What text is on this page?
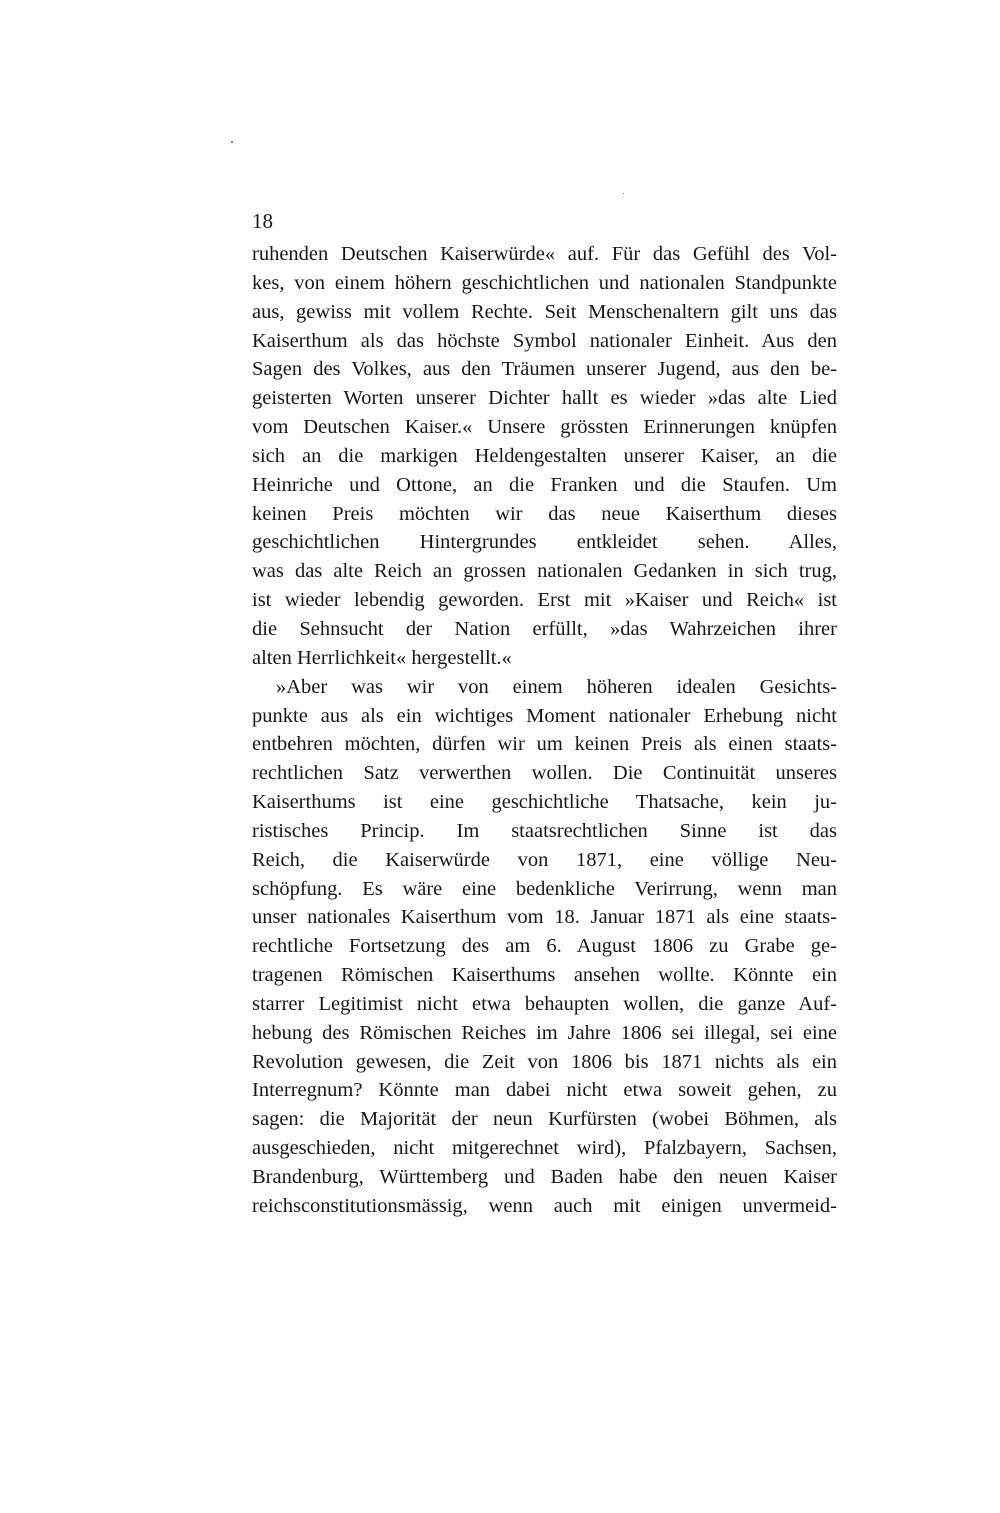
18
ruhenden Deutschen Kaiserwürde« auf. Für das Gefühl des Vol-
kes, von einem höhern geschichtlichen und nationalen Standpunkte
aus, gewiss mit vollem Rechte. Seit Menschenaltern gilt uns das
Kaiserthum als das höchste Symbol nationaler Einheit. Aus den
Sagen des Volkes, aus den Träumen unserer Jugend, aus den be-
geisterten Worten unserer Dichter hallt es wieder »das alte Lied
vom Deutschen Kaiser.« Unsere grössten Erinnerungen knüpfen
sich an die markigen Heldengestalten unserer Kaiser, an die
Heinriche und Ottone, an die Franken und die Staufen. Um
keinen Preis möchten wir das neue Kaiserthum dieses
geschichtlichen Hintergrundes entkleidet sehen. Alles,
was das alte Reich an grossen nationalen Gedanken in sich trug,
ist wieder lebendig geworden. Erst mit »Kaiser und Reich« ist
die Sehnsucht der Nation erfüllt, »das Wahrzeichen ihrer
alten Herrlichkeit« hergestellt.«
»Aber was wir von einem höheren idealen Gesichts-
punkte aus als ein wichtiges Moment nationaler Erhebung nicht
entbehren möchten, dürfen wir um keinen Preis als einen staats-
rechtlichen Satz verwerthen wollen. Die Continuität unseres
Kaiserthums ist eine geschichtliche Thatsache, kein ju-
ristisches Princip. Im staatsrechtlichen Sinne ist das
Reich, die Kaiserwürde von 1871, eine völlige Neu-
schöpfung. Es wäre eine bedenkliche Verirrung, wenn man
unser nationales Kaiserthum vom 18. Januar 1871 als eine staats-
rechtliche Fortsetzung des am 6. August 1806 zu Grabe ge-
tragenen Römischen Kaiserthums ansehen wollte. Könnte ein
starrer Legitimist nicht etwa behaupten wollen, die ganze Auf-
hebung des Römischen Reiches im Jahre 1806 sei illegal, sei eine
Revolution gewesen, die Zeit von 1806 bis 1871 nichts als ein
Interregnum? Könnte man dabei nicht etwa soweit gehen, zu
sagen: die Majorität der neun Kurfürsten (wobei Böhmen, als
ausgeschieden, nicht mitgerechnet wird), Pfalzbayern, Sachsen,
Brandenburg, Württemberg und Baden habe den neuen Kaiser
reichsconstitutionsmässig, wenn auch mit einigen unvermeid-
